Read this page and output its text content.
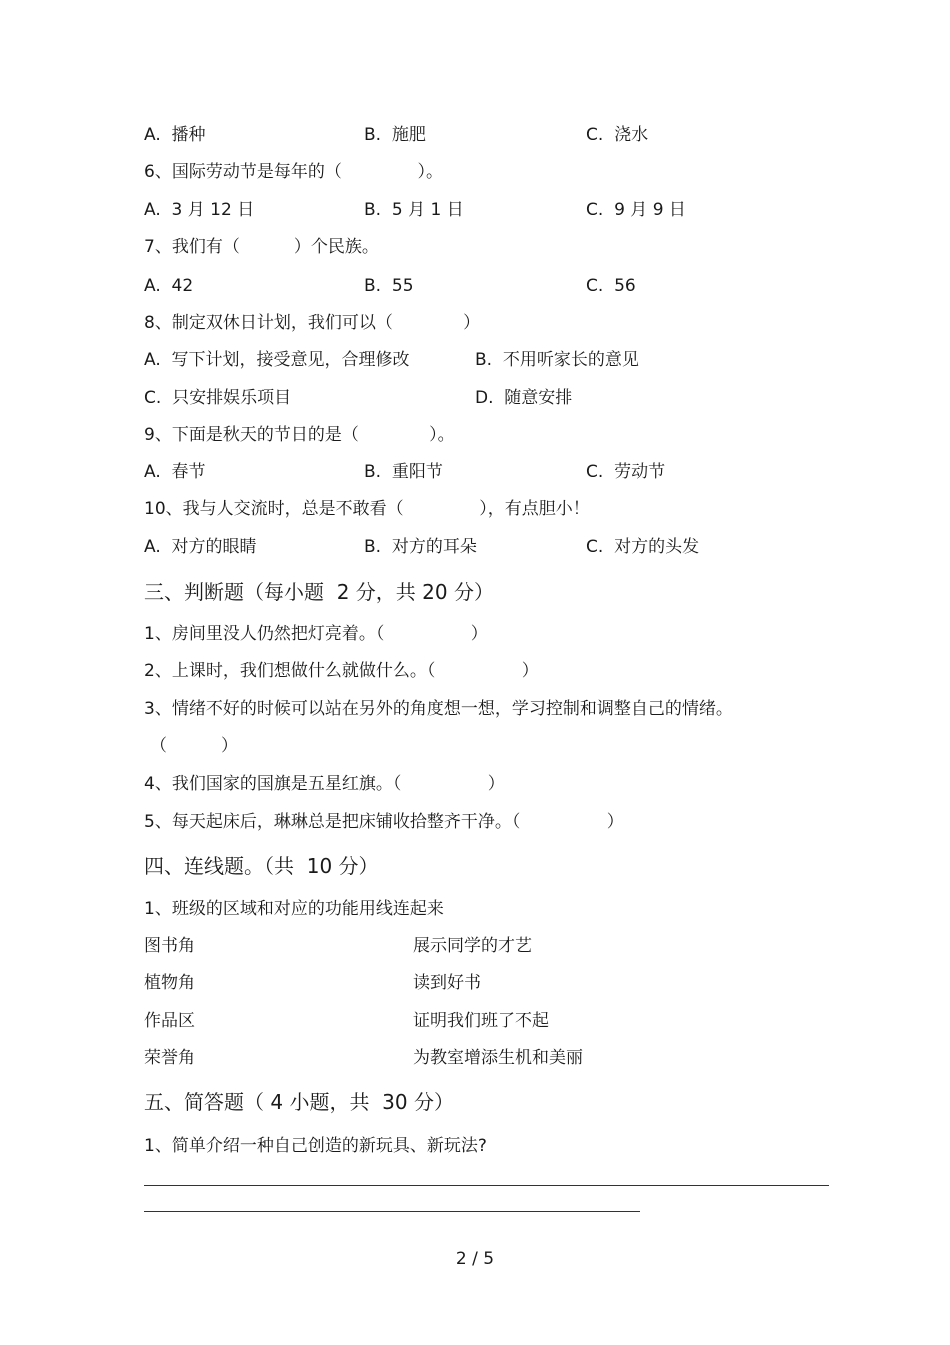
A.  播种	B.  施肥	C.  浇水
6、国际劳动节是每年的（              ）。
A.  3 月 12 日	B.  5 月 1 日	C.  9 月 9 日
7、我们有（          ）个民族。
A.  42	B.  55	C.  56
8、制定双休日计划，我们可以（             ）
A.  写下计划，接受意见，合理修改	B.  不用听家长的意见
C.  只安排娱乐项目	D.  随意安排
9、下面是秋天的节日的是（             ）。
A.  春节	B.  重阳节	C.  劳动节
10、我与人交流时，总是不敢看（              ），有点胆小！
A.  对方的眼睛	B.  对方的耳朵	C.  对方的头发
三、判断题（每小题  2 分，共 20 分）
1、房间里没人仍然把灯亮着。（                ）
2、上课时，我们想做什么就做什么。（                ）
3、情绪不好的时候可以站在另外的角度想一想，学习控制和调整自己的情绪。
（          ）
4、我们国家的国旗是五星红旗。（                ）
5、每天起床后，琳琳总是把床铺收拾整齐干净。（                ）
四、连线题。（共  10 分）
1、班级的区域和对应的功能用线连起来
图书角	展示同学的才艺
植物角	读到好书
作品区	证明我们班了不起
荣誉角	为教室增添生机和美丽
五、简答题（ 4 小题，共  30 分）
1、简单介绍一种自己创造的新玩具、新玩法?
2 / 5
